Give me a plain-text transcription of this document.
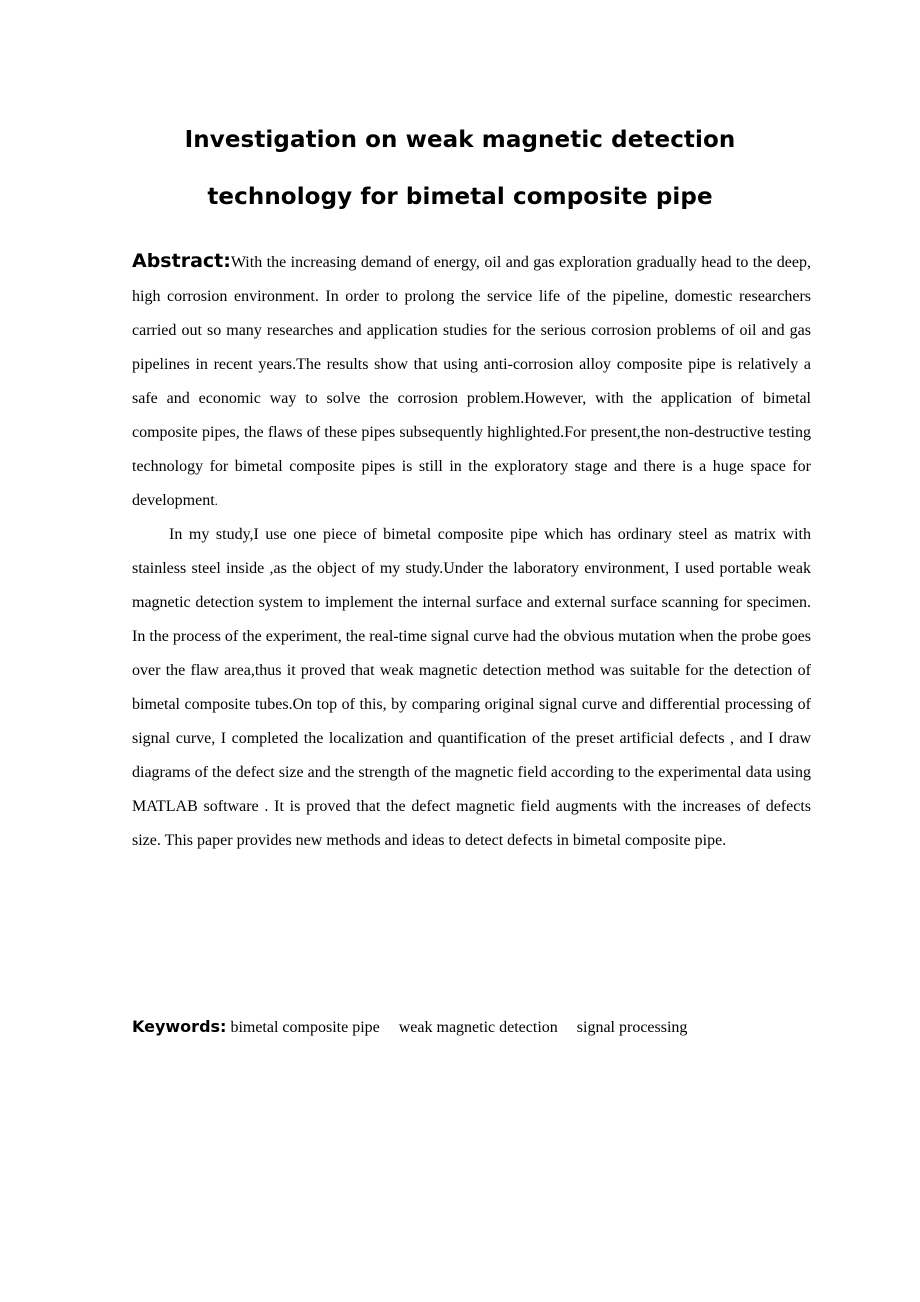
Investigation on weak magnetic detection
technology for bimetal composite pipe

Abstract:With the increasing demand of energy, oil and gas exploration gradually head to the deep, high corrosion environment. In order to prolong the service life of the pipeline, domestic researchers carried out so many researches and application studies for the serious corrosion problems of oil and gas pipelines in recent years.The results show that using anti-corrosion alloy composite pipe is relatively a safe and economic way to solve the corrosion problem.However, with the application of bimetal composite pipes, the flaws of these pipes subsequently highlighted.For present,the non-destructive testing technology for bimetal composite pipes is still in the exploratory stage and there is a huge space for development.

In my study,I use one piece of bimetal composite pipe which has ordinary steel as matrix with stainless steel inside ,as the object of my study.Under the laboratory environment, I used portable weak magnetic detection system to implement the internal surface and external surface scanning for specimen. In the process of the experiment, the real-time signal curve had the obvious mutation when the probe goes over the flaw area,thus it proved that weak magnetic detection method was suitable for the detection of bimetal composite tubes.On top of this, by comparing original signal curve and differential processing of signal curve, I completed the localization and quantification of the preset artificial defects , and I draw diagrams of the defect size and the strength of the magnetic field according to the experimental data using MATLAB software . It is proved that the defect magnetic field augments with the increases of defects size. This paper provides new methods and ideas to detect defects in bimetal composite pipe.

Keywords: bimetal composite pipe weak magnetic detection signal processing
